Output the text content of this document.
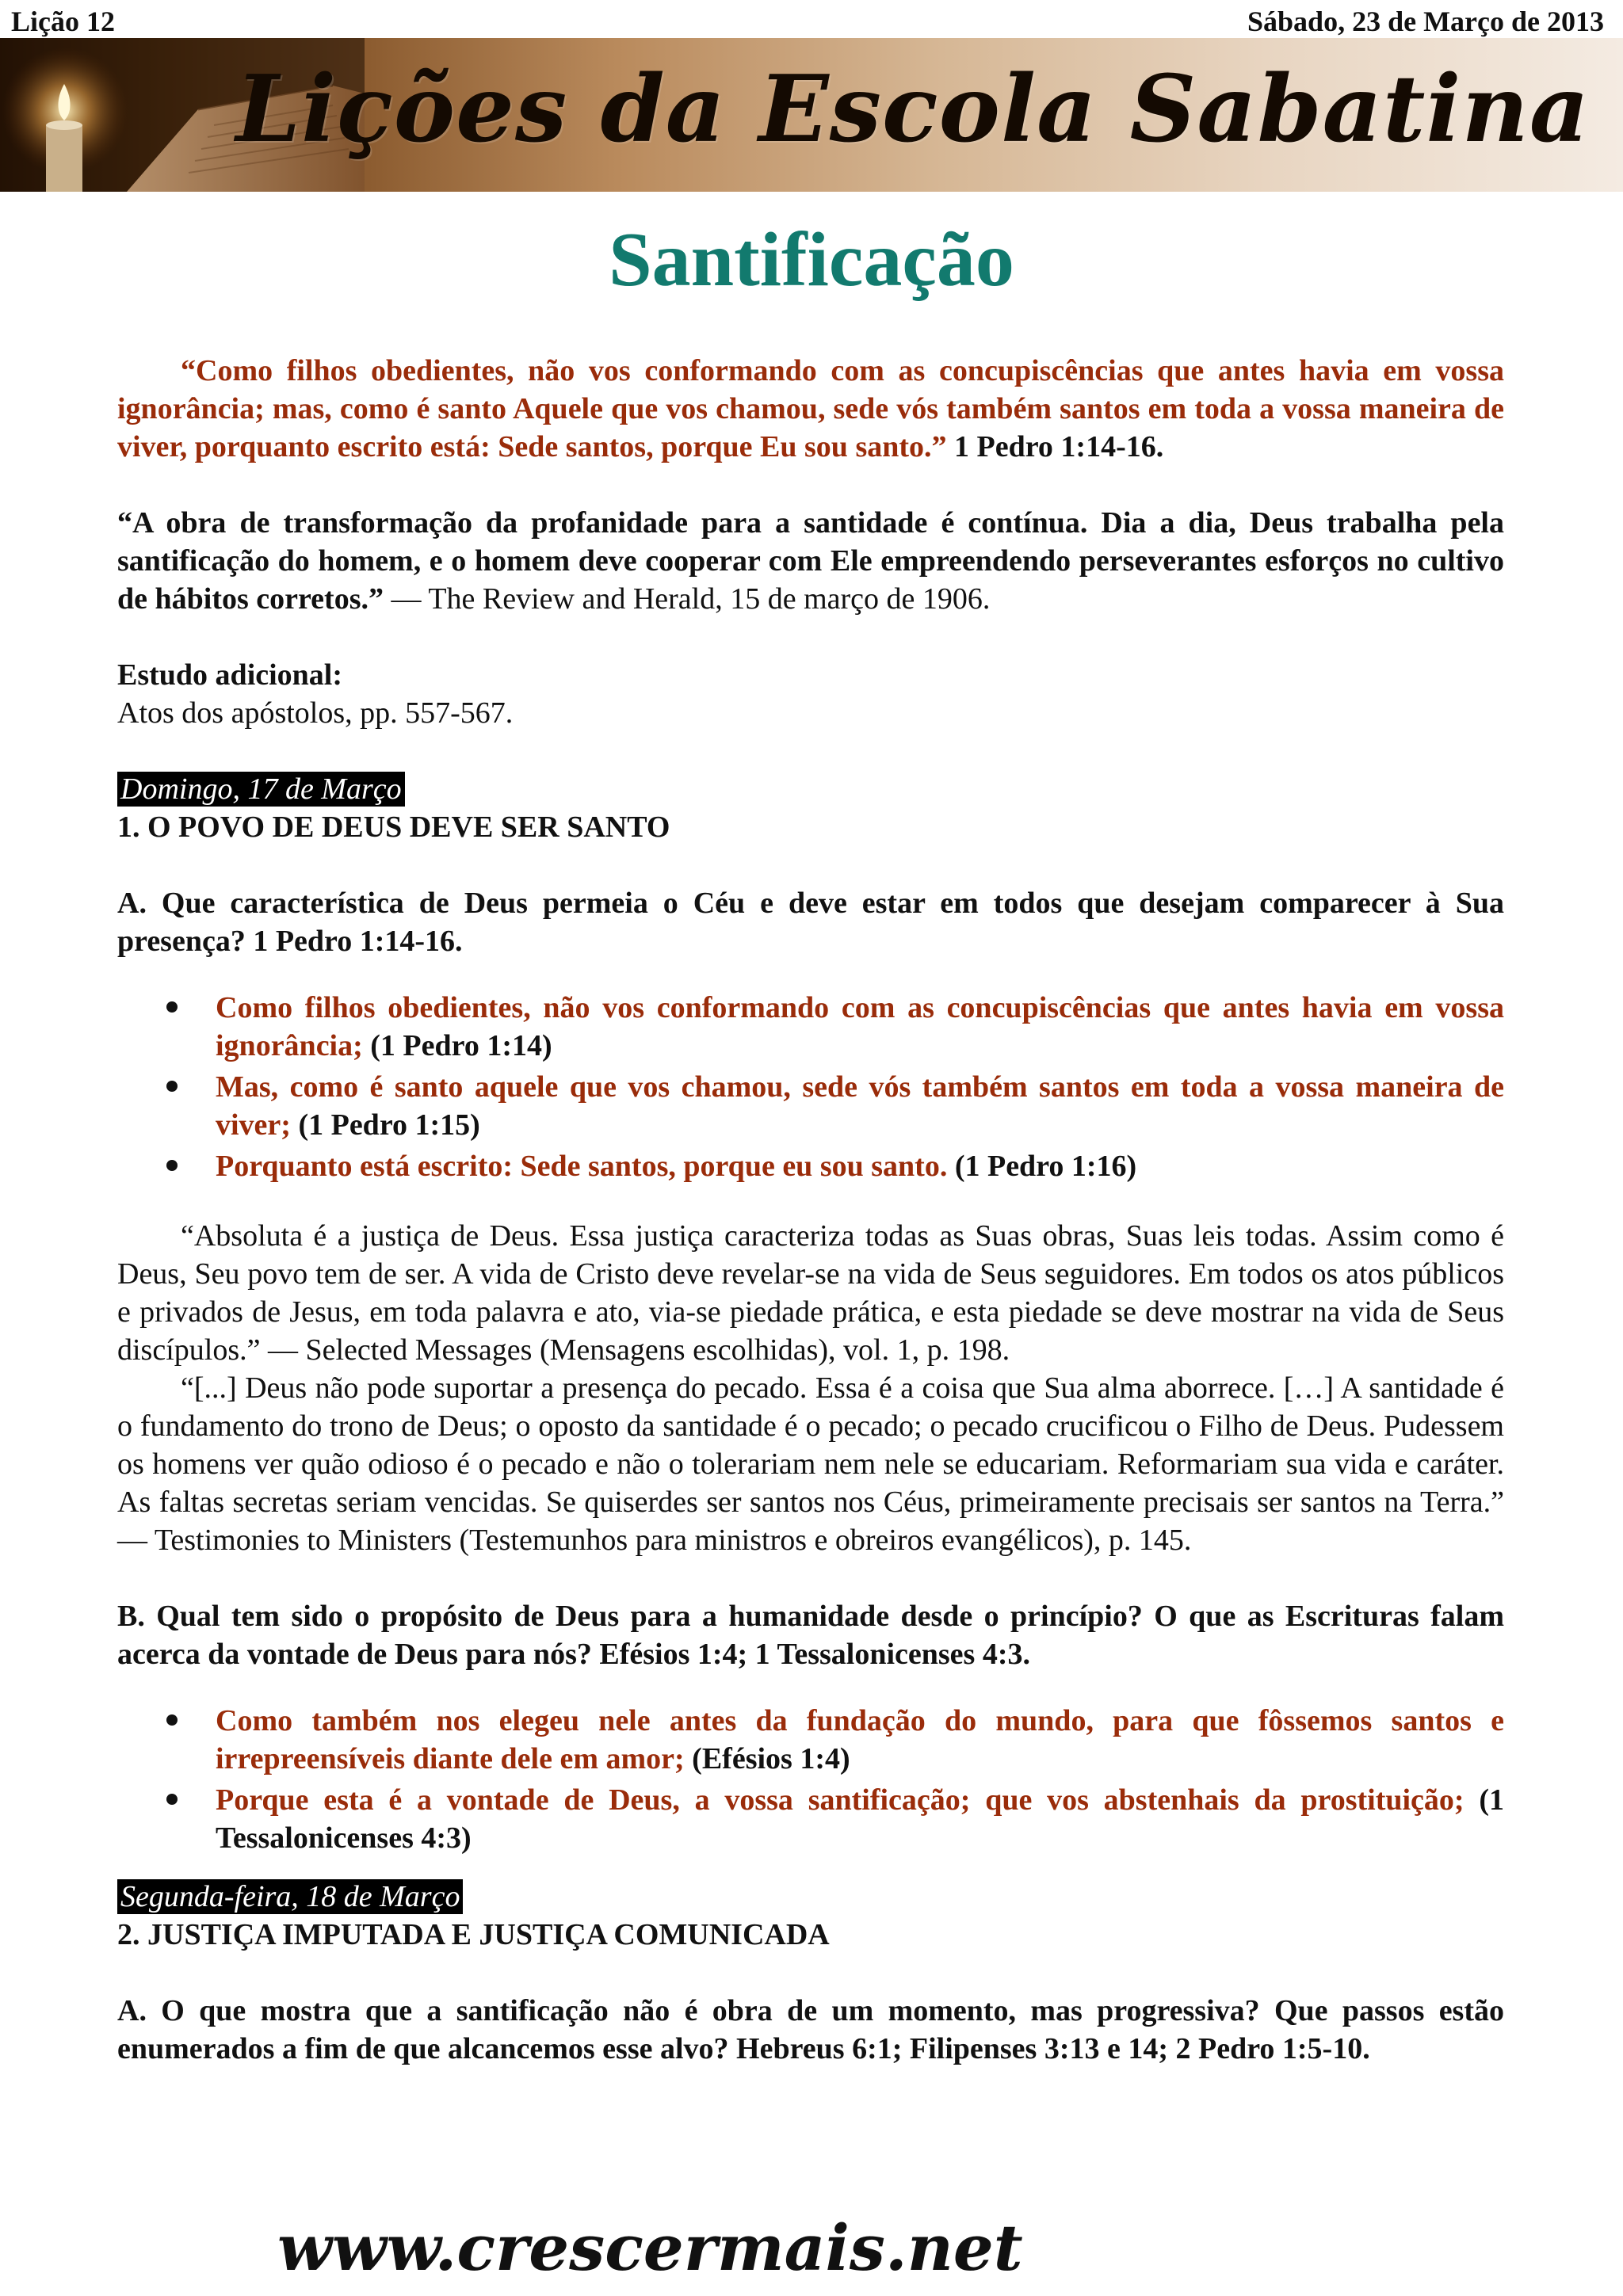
Lição 12	Sábado, 23 de Março de 2013
Lições da Escola Sabatina
Santificação

“Como filhos obedientes, não vos conformando com as concupiscências que antes havia em vossa ignorância; mas, como é santo Aquele que vos chamou, sede vós também santos em toda a vossa maneira de viver, porquanto escrito está: Sede santos, porque Eu sou santo.” 1 Pedro 1:14-16.

“A obra de transformação da profanidade para a santidade é contínua. Dia a dia, Deus trabalha pela santificação do homem, e o homem deve cooperar com Ele empreendendo perseverantes esforços no cultivo de hábitos corretos.” — The Review and Herald, 15 de março de 1906.

Estudo adicional:

Atos dos apóstolos, pp. 557-567.

Domingo, 17 de Março

1. O POVO DE DEUS DEVE SER SANTO

A. Que característica de Deus permeia o Céu e deve estar em todos que desejam comparecer à Sua presença? 1 Pedro 1:14-16.

Como filhos obedientes, não vos conformando com as concupiscências que antes havia em vossa ignorância; (1 Pedro 1:14)
Mas, como é santo aquele que vos chamou, sede vós também santos em toda a vossa maneira de viver; (1 Pedro 1:15)
Porquanto está escrito: Sede santos, porque eu sou santo. (1 Pedro 1:16)

“Absoluta é a justiça de Deus. Essa justiça caracteriza todas as Suas obras, Suas leis todas. Assim como é Deus, Seu povo tem de ser. A vida de Cristo deve revelar-se na vida de Seus seguidores. Em todos os atos públicos e privados de Jesus, em toda palavra e ato, via-se piedade prática, e esta piedade se deve mostrar na vida de Seus discípulos.” — Selected Messages (Mensagens escolhidas), vol. 1, p. 198.

“[...] Deus não pode suportar a presença do pecado. Essa é a coisa que Sua alma aborrece. […] A santidade é o fundamento do trono de Deus; o oposto da santidade é o pecado; o pecado crucificou o Filho de Deus. Pudessem os homens ver quão odioso é o pecado e não o tolerariam nem nele se educariam. Reformariam sua vida e caráter. As faltas secretas seriam vencidas. Se quiserdes ser santos nos Céus, primeiramente precisais ser santos na Terra.” — Testimonies to Ministers (Testemunhos para ministros e obreiros evangélicos), p. 145.

B. Qual tem sido o propósito de Deus para a humanidade desde o princípio? O que as Escrituras falam acerca da vontade de Deus para nós? Efésios 1:4; 1 Tessalonicenses 4:3.

Como também nos elegeu nele antes da fundação do mundo, para que fôssemos santos e irrepreensíveis diante dele em amor; (Efésios 1:4)
Porque esta é a vontade de Deus, a vossa santificação; que vos abstenhais da prostituição; (1 Tessalonicenses 4:3)
Segunda-feira, 18 de Março

2. JUSTIÇA IMPUTADA E JUSTIÇA COMUNICADA

A. O que mostra que a santificação não é obra de um momento, mas progressiva? Que passos estão enumerados a fim de que alcancemos esse alvo? Hebreus 6:1; Filipenses 3:13 e 14; 2 Pedro 1:5-10.

www.crescermais.net
